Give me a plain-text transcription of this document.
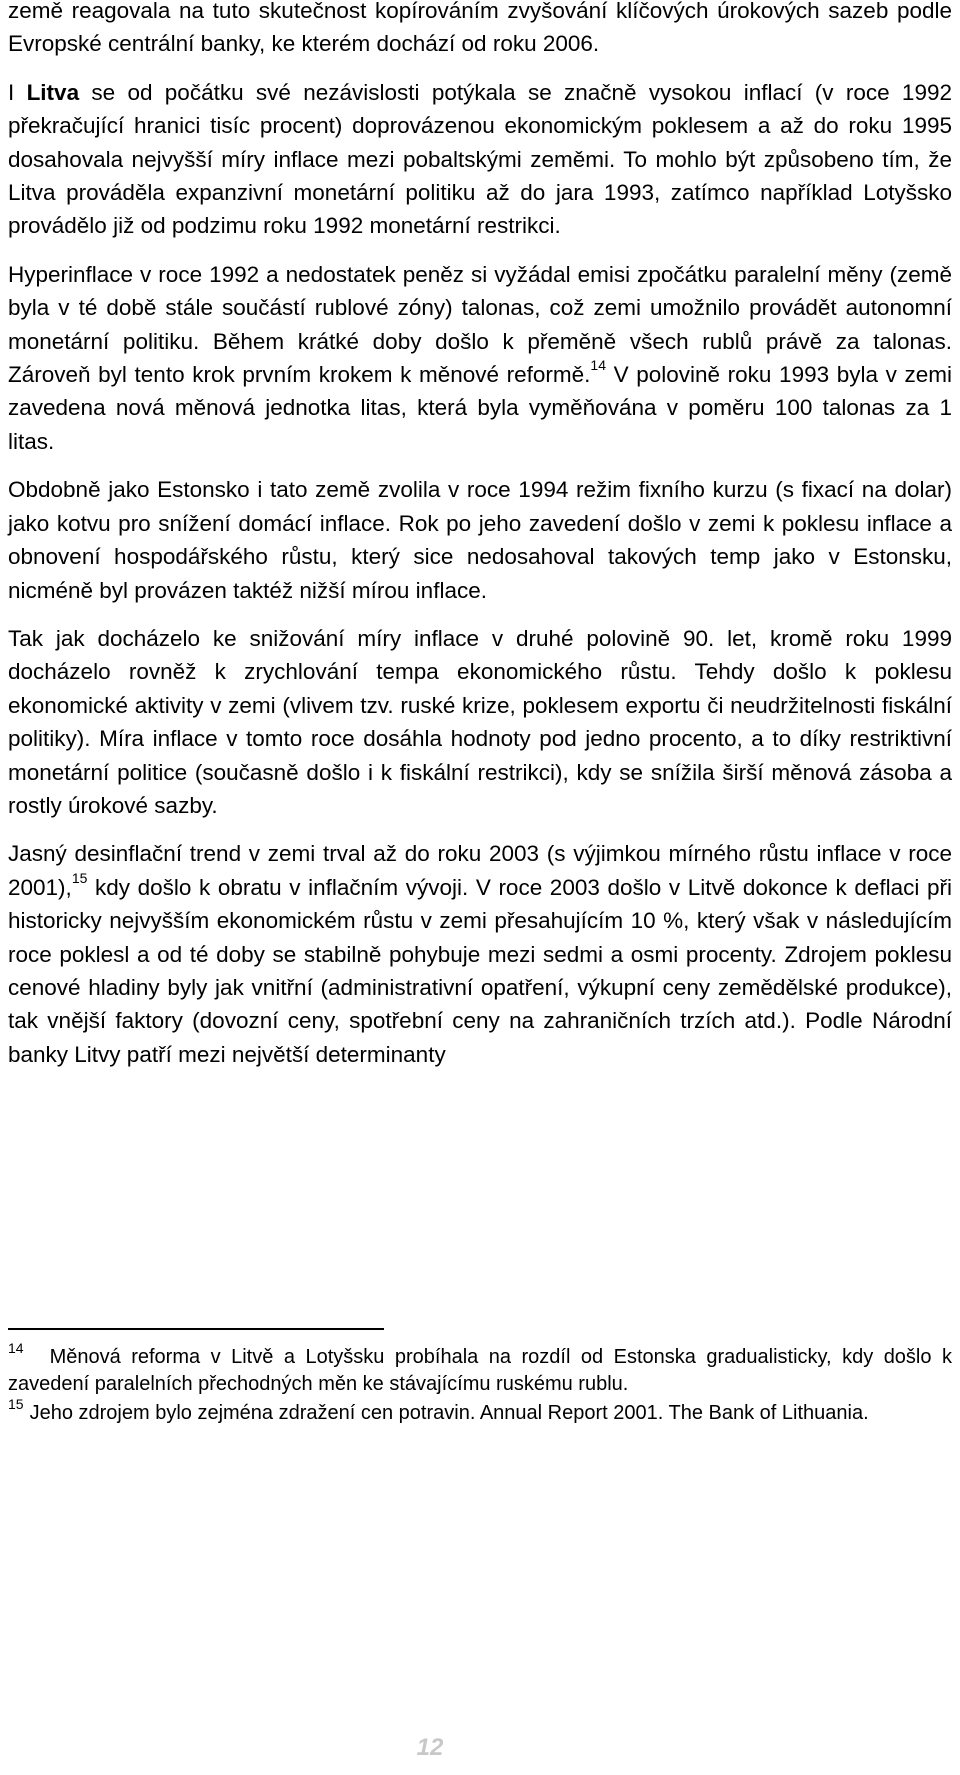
země reagovala na tuto skutečnost kopírováním zvyšování klíčových úrokových sazeb podle Evropské centrální banky, ke kterém dochází od roku 2006.

I Litva se od počátku své nezávislosti potýkala se značně vysokou inflací (v roce 1992 překračující hranici tisíc procent) doprovázenou ekonomickým poklesem a až do roku 1995 dosahovala nejvyšší míry inflace mezi pobaltskými zeměmi. To mohlo být způsobeno tím, že Litva prováděla expanzivní monetární politiku až do jara 1993, zatímco například Lotyšsko provádělo již od podzimu roku 1992 monetární restrikci.

Hyperinflace v roce 1992 a nedostatek peněz si vyžádal emisi zpočátku paralelní měny (země byla v té době stále součástí rublové zóny) talonas, což zemi umožnilo provádět autonomní monetární politiku. Během krátké doby došlo k přeměně všech rublů právě za talonas. Zároveň byl tento krok prvním krokem k měnové reformě.$^{14}$ V polovině roku 1993 byla v zemi zavedena nová měnová jednotka litas, která byla vyměňována v poměru 100 talonas za 1 litas.

Obdobně jako Estonsko i tato země zvolila v roce 1994 režim fixního kurzu (s fixací na dolar) jako kotvu pro snížení domácí inflace. Rok po jeho zavedení došlo v zemi k poklesu inflace a obnovení hospodářského růstu, který sice nedosahoval takových temp jako v Estonsku, nicméně byl provázen taktéž nižší mírou inflace.

Tak jak docházelo ke snižování míry inflace v druhé polovině 90. let, kromě roku 1999 docházelo rovněž k zrychlování tempa ekonomického růstu. Tehdy došlo k poklesu ekonomické aktivity v zemi (vlivem tzv. ruské krize, poklesem exportu či neudržitelnosti fiskální politiky). Míra inflace v tomto roce dosáhla hodnoty pod jedno procento, a to díky restriktivní monetární politice (současně došlo i k fiskální restrikci), kdy se snížila širší měnová zásoba a rostly úrokové sazby.

Jasný desinflační trend v zemi trval až do roku 2003 (s výjimkou mírného růstu inflace v roce 2001),$^{15}$ kdy došlo k obratu v inflačním vývoji. V roce 2003 došlo v Litvě dokonce k deflaci při historicky nejvyšším ekonomickém růstu v zemi přesahujícím 10 %, který však v následujícím roce poklesl a od té doby se stabilně pohybuje mezi sedmi a osmi procenty. Zdrojem poklesu cenové hladiny byly jak vnitřní (administrativní opatření, výkupní ceny zemědělské produkce), tak vnější faktory (dovozní ceny, spotřební ceny na zahraničních trzích atd.). Podle Národní banky Litvy patří mezi největší determinanty

$^{14}$ Měnová reforma v Litvě a Lotyšsku probíhala na rozdíl od Estonska gradualisticky, kdy došlo k zavedení paralelních přechodných měn ke stávajícímu ruskému rublu.

$^{15}$ Jeho zdrojem bylo zejména zdražení cen potravin. Annual Report 2001. The Bank of Lithuania.

12
